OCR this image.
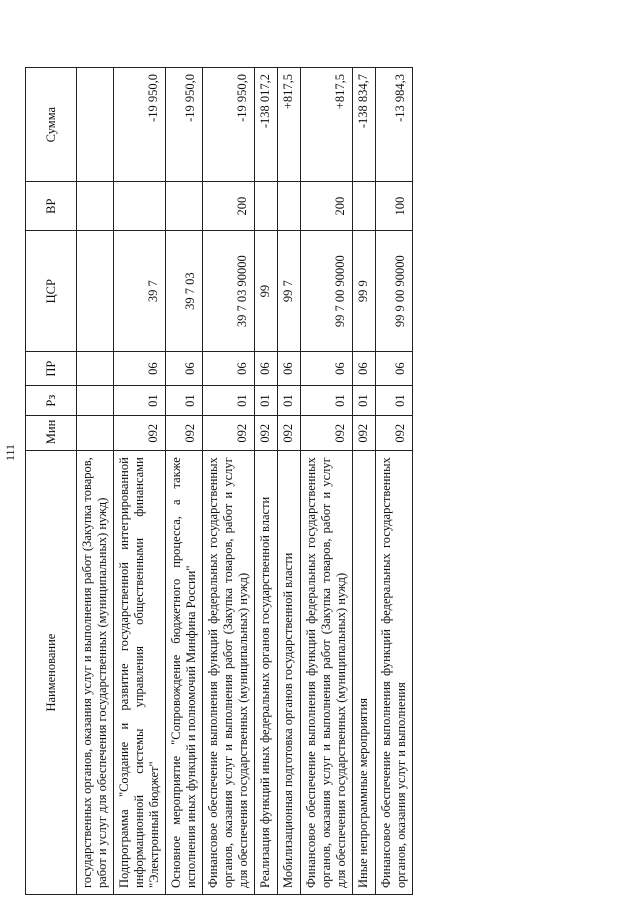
111
Наименование	Мин	Рз	ПР	ЦСР	ВР	Сумма
государственных органов, оказания услуг и выполнения работ (Закупка товаров, работ и услуг для обеспечения государственных (муниципальных) нужд)						
Подпрограмма "Создание и развитие государственной интегрированной информационной системы управления общественными финансами "Электронный бюджет"	092	01	06	39 7		-19 950,0
Основное мероприятие "Сопровождение бюджетного процесса, а также исполнения иных функций и полномочий Минфина России"	092	01	06	39 7 03		-19 950,0
Финансовое обеспечение выполнения функций федеральных государственных органов, оказания услуг и выполнения работ (Закупка товаров, работ и услуг для обеспечения государственных (муниципальных) нужд)	092	01	06	39 7 03 90000	200	-19 950,0
Реализация функций иных федеральных органов государственной власти	092	01	06	99		-138 017,2
Мобилизационная подготовка органов государственной власти	092	01	06	99 7		+817,5
Финансовое обеспечение выполнения функций федеральных государственных органов, оказания услуг и выполнения работ (Закупка товаров, работ и услуг для обеспечения государственных (муниципальных) нужд)	092	01	06	99 7 00 90000	200	+817,5
Иные непрограммные мероприятия	092	01	06	99 9		-138 834,7
Финансовое обеспечение выполнения функций федеральных государственных органов, оказания услуг и выполнения	092	01	06	99 9 00 90000	100	-13 984,3
